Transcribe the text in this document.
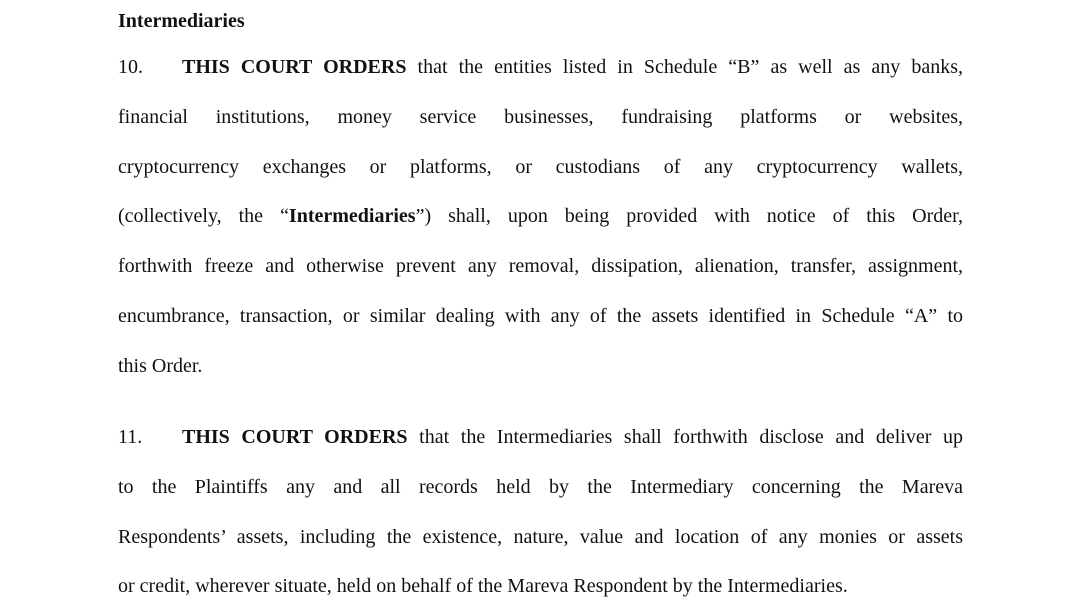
Intermediaries
10. THIS COURT ORDERS that the entities listed in Schedule “B” as well as any banks,
financial institutions, money service businesses, fundraising platforms or websites,
cryptocurrency exchanges or platforms, or custodians of any cryptocurrency wallets,
(collectively, the “Intermediaries”) shall, upon being provided with notice of this Order,
forthwith freeze and otherwise prevent any removal, dissipation, alienation, transfer, assignment,
encumbrance, transaction, or similar dealing with any of the assets identified in Schedule “A” to
this Order.
11. THIS COURT ORDERS that the Intermediaries shall forthwith disclose and deliver up
to the Plaintiffs any and all records held by the Intermediary concerning the Mareva
Respondents’ assets, including the existence, nature, value and location of any monies or assets
or credit, wherever situate, held on behalf of the Mareva Respondent by the Intermediaries.
